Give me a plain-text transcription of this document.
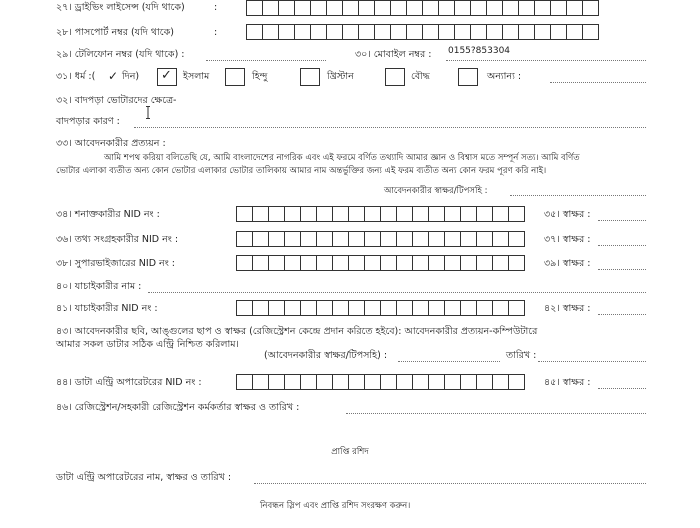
২৭। ড্রাইভিং লাইসেন্স (যদি থাকে)	:
২৮। পাসপোর্ট নম্বর (যদি থাকে)	:
২৯। টেলিফোন নম্বর (যদি থাকে) :	৩০। মোবাইল নম্বর : 0155?853304
৩১। ধর্ম :( ✓ দিন) ✓ ইসলাম	হিন্দু	খ্রিস্টান	বৌদ্ধ	অন্যান্য :
৩২। বাদপড়া ভোটারদের ক্ষেত্রে-
বাদপড়ার কারণ :
৩৩। আবেদনকারীর প্রত্যয়ন :
আমি শপথ করিয়া বলিতেছি যে, আমি বাংলাদেশের নাগরিক এবং এই ফরমে বর্ণিত তথ্যাদি আমার জ্ঞান ও বিশ্বাস মতে সম্পূর্ন সত্য। আমি বর্ণিত
ভোটার এলাকা ব্যতীত অন্য কোন ভোটার এলাকার ভোটার তালিকায় আমার নাম অন্তর্ভুক্তির জন্য এই ফরম ব্যতীত অন্য কোন ফরম পূরণ করি নাই।
আবেদনকারীর স্বাক্ষর/টিপসহি :
৩৪। শনাক্তকারীর NID নং :	৩৫। স্বাক্ষর :
৩৬। তথ্য সংগ্রহকারীর NID নং :	৩৭। স্বাক্ষর :
৩৮। সুপারভাইজারের NID নং :	৩৯। স্বাক্ষর :
৪০। যাচাইকারীর নাম :
৪১। যাচাইকারীর NID নং :	৪২। স্বাক্ষর :
৪৩। আবেদনকারীর ছবি, আঙ্গুলের ছাপ ও স্বাক্ষর (রেজিস্ট্রেশন কেন্দ্রে প্রদান করিতে হইবে): আবেদনকারীর প্রত্যয়ন-কম্পিউটারে
আমার সকল ডাটার সঠিক এন্ট্রি নিশ্চিত করিলাম।
(আবেদনকারীর স্বাক্ষর/টিপসহি) :	তারিখ :
৪৪। ডাটা এন্ট্রি অপারেটরের NID নং :	৪৫। স্বাক্ষর :
৪৬। রেজিস্ট্রেশন/সহকারী রেজিস্ট্রেশন কর্মকর্তার স্বাক্ষর ও তারিখ :
প্রাপ্তি রশিদ
ডাটা এন্ট্রি অপারেটরের নাম, স্বাক্ষর ও তারিখ :
নিবন্ধন স্লিপ এবং প্রাপ্তি রশিদ সংরক্ষণ করুন।
